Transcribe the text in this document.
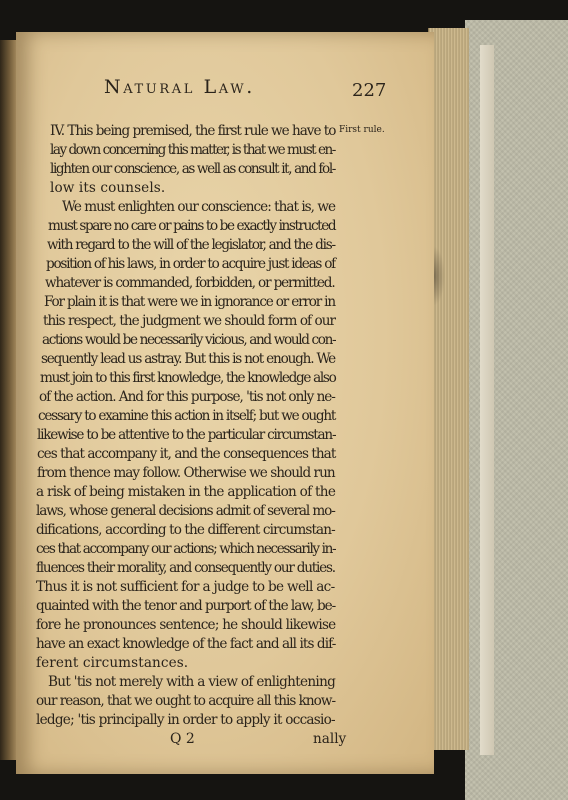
Natural Law.	227
First rule.
IV. This being premised, the first rule we have to
lay down concerning this matter, is that we must en-
lighten our conscience, as well as consult it, and fol-
low its counsels.
We must enlighten our conscience: that is, we
must spare no care or pains to be exactly instructed
with regard to the will of the legislator, and the dis-
position of his laws, in order to acquire just ideas of
whatever is commanded, forbidden, or permitted.
For plain it is that were we in ignorance or error in
this respect, the judgment we should form of our
actions would be necessarily vicious, and would con-
sequently lead us astray. But this is not enough. We
must join to this first knowledge, the knowledge also
of the action. And for this purpose, 'tis not only ne-
cessary to examine this action in itself; but we ought
likewise to be attentive to the particular circumstan-
ces that accompany it, and the consequences that
from thence may follow. Otherwise we should run
a risk of being mistaken in the application of the
laws, whose general decisions admit of several mo-
difications, according to the different circumstan-
ces that accompany our actions; which necessarily in-
fluences their morality, and consequently our duties.
Thus it is not sufficient for a judge to be well ac-
quainted with the tenor and purport of the law, be-
fore he pronounces sentence; he should likewise
have an exact knowledge of the fact and all its dif-
ferent circumstances.
But 'tis not merely with a view of enlightening
our reason, that we ought to acquire all this know-
ledge; 'tis principally in order to apply it occasio-
Q 2	nally
